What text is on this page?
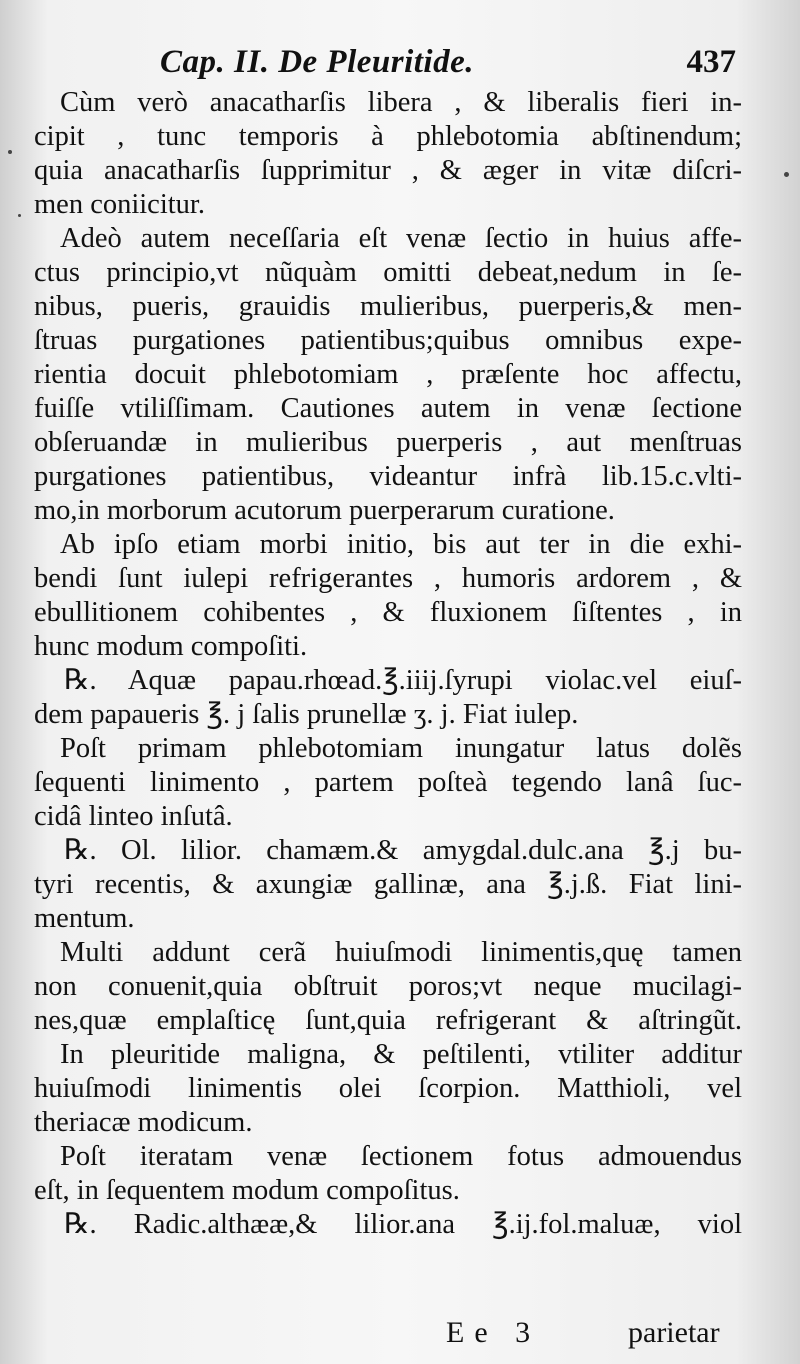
Cap. II. De Pleuritide.	437
Cùm verò anacatharſis libera , & liberalis fieri in-
cipit , tunc temporis à phlebotomia abſtinendum;
quia anacatharſis ſupprimitur , & æger in vitæ diſcri-
men coniicitur.
Adeò autem neceſſaria eſt venæ ſectio in huius affe-
ctus principio,vt nũquàm omitti debeat,nedum in ſe-
nibus, pueris, grauidis mulieribus, puerperis,& men-
ſtruas purgationes patientibus;quibus omnibus expe-
rientia docuit phlebotomiam , præſente hoc affectu,
fuiſſe vtiliſſimam. Cautiones autem in venæ ſectione
obſeruandæ in mulieribus puerperis , aut menſtruas
purgationes patientibus, videantur infrà lib.15.c.vlti-
mo,in morborum acutorum puerperarum curatione.
Ab ipſo etiam morbi initio, bis aut ter in die exhi-
bendi ſunt iulepi refrigerantes , humoris ardorem , &
ebullitionem cohibentes , & fluxionem ſiſtentes , in
hunc modum compoſiti.
℞. Aquæ papau.rhœad.℥.iiij.ſyrupi violac.vel eiuſ-
dem papaueris ℥. j ſalis prunellæ ʒ. j. Fiat iulep.
Poſt primam phlebotomiam inungatur latus dolẽs
ſequenti linimento , partem poſteà tegendo lanâ ſuc-
cidâ linteo inſutâ.
℞. Ol. lilior. chamæm.& amygdal.dulc.ana ℥.j bu-
tyri recentis, & axungiæ gallinæ, ana ℥.j.ß. Fiat lini-
mentum.
Multi addunt cerã huiuſmodi linimentis,quę tamen
non conuenit,quia obſtruit poros;vt neque mucilagi-
nes,quæ emplaſticę ſunt,quia refrigerant & aſtringũt.
In pleuritide maligna, & peſtilenti, vtiliter additur
huiuſmodi linimentis olei ſcorpion. Matthioli, vel
theriacæ modicum.
Poſt iteratam venæ ſectionem fotus admouendus
eſt, in ſequentem modum compoſitus.
℞. Radic.althææ,& lilior.ana ℥.ij.fol.maluæ, viol
Ee 3	parietar
